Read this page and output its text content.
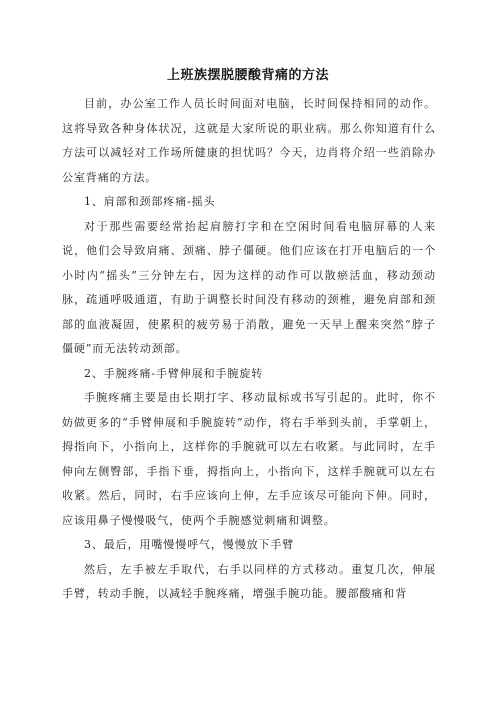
上班族摆脱腰酸背痛的方法

目前，办公室工作人员长时间面对电脑，长时间保持相同的动作。这将导致各种身体状况，这就是大家所说的职业病。那么你知道有什么方法可以减轻对工作场所健康的担忧吗？今天，边肖将介绍一些消除办公室背痛的方法。

1、肩部和颈部疼痛-摇头

对于那些需要经常抬起肩膀打字和在空闲时间看电脑屏幕的人来说，他们会导致肩痛、颈痛、脖子僵硬。他们应该在打开电脑后的一个小时内“摇头”三分钟左右，因为这样的动作可以散瘀活血，移动颈动脉，疏通呼吸通道，有助于调整长时间没有移动的颈椎，避免肩部和颈部的血液凝固，使累积的疲劳易于消散，避免一天早上醒来突然“脖子僵硬”而无法转动颈部。

2、手腕疼痛-手臂伸展和手腕旋转

手腕疼痛主要是由长期打字、移动鼠标或书写引起的。此时，你不妨做更多的“手臂伸展和手腕旋转”动作，将右手举到头前，手掌朝上，拇指向下，小指向上，这样你的手腕就可以左右收紧。与此同时，左手伸向左侧臀部，手指下垂，拇指向上，小指向下，这样手腕就可以左右收紧。然后，同时，右手应该向上伸，左手应该尽可能向下伸。同时，应该用鼻子慢慢吸气，使两个手腕感觉刺痛和调整。

3、最后，用嘴慢慢呼气，慢慢放下手臂

然后，左手被左手取代，右手以同样的方式移动。重复几次，伸展手臂，转动手腕，以减轻手腕疼痛，增强手腕功能。腰部酸痛和背
